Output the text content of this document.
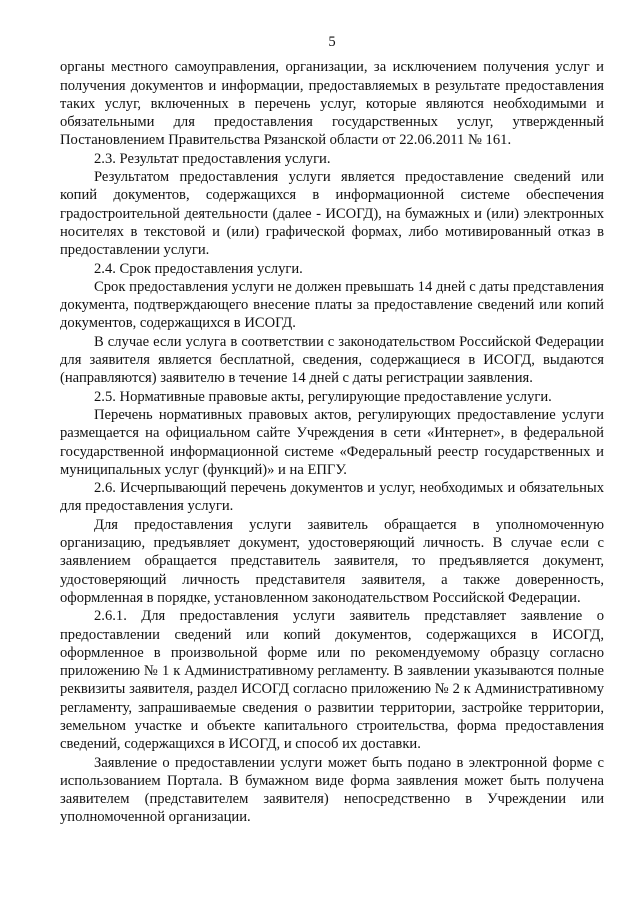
5

органы местного самоуправления, организации, за исключением получения услуг и получения документов и информации, предоставляемых в результате предоставления таких услуг, включенных в перечень услуг, которые являются необходимыми и обязательными для предоставления государственных услуг, утвержденный Постановлением Правительства Рязанской области от 22.06.2011 № 161.

2.3. Результат предоставления услуги.

Результатом предоставления услуги является предоставление сведений или копий документов, содержащихся в информационной системе обеспечения градостроительной деятельности (далее - ИСОГД), на бумажных и (или) электронных носителях в текстовой и (или) графической формах, либо мотивированный отказ в предоставлении услуги.

2.4. Срок предоставления услуги.

Срок предоставления услуги не должен превышать 14 дней с даты представления документа, подтверждающего внесение платы за предоставление сведений или копий документов, содержащихся в ИСОГД.

В случае если услуга в соответствии с законодательством Российской Федерации для заявителя является бесплатной, сведения, содержащиеся в ИСОГД, выдаются (направляются) заявителю в течение 14 дней с даты регистрации заявления.

2.5. Нормативные правовые акты, регулирующие предоставление услуги.

Перечень нормативных правовых актов, регулирующих предоставление услуги размещается на официальном сайте Учреждения в сети «Интернет», в федеральной государственной информационной системе «Федеральный реестр государственных и муниципальных услуг (функций)» и на ЕПГУ.

2.6. Исчерпывающий перечень документов и услуг, необходимых и обязательных для предоставления услуги.

Для предоставления услуги заявитель обращается в уполномоченную организацию, предъявляет документ, удостоверяющий личность. В случае если с заявлением обращается представитель заявителя, то предъявляется документ, удостоверяющий личность представителя заявителя, а также доверенность, оформленная в порядке, установленном законодательством Российской Федерации.

2.6.1. Для предоставления услуги заявитель представляет заявление о предоставлении сведений или копий документов, содержащихся в ИСОГД, оформленное в произвольной форме или по рекомендуемому образцу согласно приложению № 1 к Административному регламенту. В заявлении указываются полные реквизиты заявителя, раздел ИСОГД согласно приложению № 2 к Административному регламенту, запрашиваемые сведения о развитии территории, застройке территории, земельном участке и объекте капитального строительства, форма предоставления сведений, содержащихся в ИСОГД, и способ их доставки.

Заявление о предоставлении услуги может быть подано в электронной форме с использованием Портала. В бумажном виде форма заявления может быть получена заявителем (представителем заявителя) непосредственно в Учреждении или уполномоченной организации.
